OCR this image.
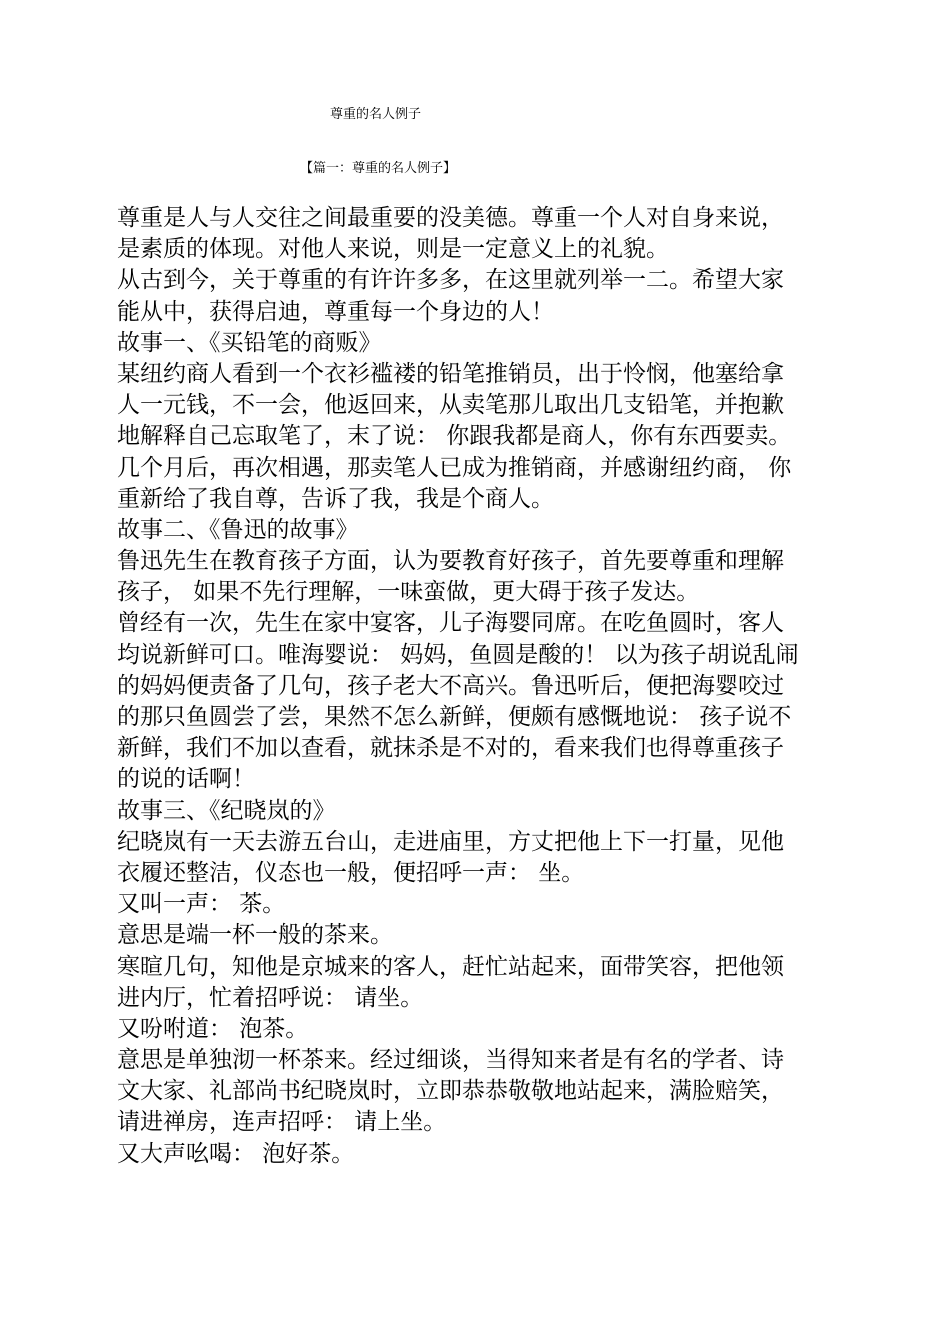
尊重的名人例子
【篇一：尊重的名人例子】
尊重是人与人交往之间最重要的没美德。尊重一个人对自身来说，
是素质的体现。对他人来说，则是一定意义上的礼貌。
从古到今，关于尊重的有许许多多，在这里就列举一二。希望大家
能从中，获得启迪，尊重每一个身边的人！
故事一、《买铅笔的商贩》
某纽约商人看到一个衣衫褴褛的铅笔推销员，出于怜悯，他塞给拿
人一元钱，不一会，他返回来，从卖笔那儿取出几支铅笔，并抱歉
地解释自己忘取笔了，末了说： 你跟我都是商人，你有东西要卖。
几个月后，再次相遇，那卖笔人已成为推销商，并感谢纽约商， 你
重新给了我自尊，告诉了我，我是个商人。
故事二、《鲁迅的故事》
鲁迅先生在教育孩子方面，认为要教育好孩子，首先要尊重和理解
孩子， 如果不先行理解，一味蛮做，更大碍于孩子发达。
曾经有一次，先生在家中宴客，儿子海婴同席。在吃鱼圆时，客人
均说新鲜可口。唯海婴说： 妈妈，鱼圆是酸的！ 以为孩子胡说乱闹
的妈妈便责备了几句，孩子老大不高兴。鲁迅听后，便把海婴咬过
的那只鱼圆尝了尝，果然不怎么新鲜，便颇有感慨地说： 孩子说不
新鲜，我们不加以查看，就抹杀是不对的，看来我们也得尊重孩子
的说的话啊！
故事三、《纪晓岚的》
纪晓岚有一天去游五台山，走进庙里，方丈把他上下一打量，见他
衣履还整洁，仪态也一般，便招呼一声： 坐。
又叫一声： 茶。
意思是端一杯一般的茶来。
寒暄几句，知他是京城来的客人，赶忙站起来，面带笑容，把他领
进内厅，忙着招呼说： 请坐。
又吩咐道： 泡茶。
意思是单独沏一杯茶来。经过细谈，当得知来者是有名的学者、诗
文大家、礼部尚书纪晓岚时，立即恭恭敬敬地站起来，满脸赔笑，
请进禅房，连声招呼： 请上坐。
又大声吆喝： 泡好茶。
